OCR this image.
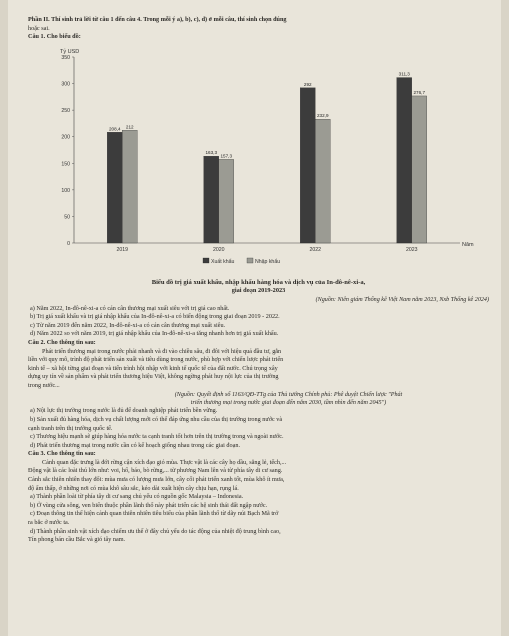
Phần II. Thí sinh trả lời từ câu 1 đến câu 4. Trong mỗi ý a), b), c), d) ở mỗi câu, thí sinh chọn đúng

hoặc sai.

Câu 1. Cho biểu đồ:

Tỷ USD
0
50
100
150
200
250
300
350
Năm
208,4 212
2019
163,3
157,3
2020
292
232,9
2022
311,3
276,7
2023
Xuất khẩu	Nhập khẩu

Biểu đồ trị giá xuất khẩu, nhập khẩu hàng hóa và dịch vụ của In-đô-nê-xi-a,

giai đoạn 2019-2023

(Nguồn: Niên giám Thống kê Việt Nam năm 2023, Nxb Thống kê 2024)

a) Năm 2022, In-đô-nê-xi-a có cán cân thương mại xuất siêu với trị giá cao nhất.

b) Trị giá xuất khẩu và trị giá nhập khẩu của In-đô-nê-xi-a có biến động trong giai đoạn 2019 - 2022.

c) Từ năm 2019 đến năm 2022, In-đô-nê-xi-a có cán cân thương mại xuất siêu.

d) Năm 2022 so với năm 2019, trị giá nhập khẩu của In-đô-nê-xi-a tăng nhanh hơn trị giá xuất khẩu.

Câu 2. Cho thông tin sau:

Phát triển thương mại trong nước phải nhanh và đi vào chiều sâu, đi đôi với hiệu quả đầu tư, gắn

liền với quy mô, trình độ phát triển sản xuất và tiêu dùng trong nước, phù hợp với chiến lược phát triển

kinh tế – xã hội từng giai đoạn và tiến trình hội nhập với kinh tế quốc tế của đất nước. Chú trọng xây

dựng uy tín về sản phẩm và phát triển thương hiệu Việt, không ngừng phát huy nội lực của thị trường

trong nước...

(Nguồn: Quyết định số 1163/QĐ-TTg của Thủ tướng Chính phủ: Phê duyệt Chiến lược "Phát

triển thương mại trong nước giai đoạn đến năm 2030, tầm nhìn đến năm 2045")

a) Nội lực thị trường trong nước là đủ để doanh nghiệp phát triển bền vững.

b) Sản xuất đủ hàng hóa, dịch vụ chất lượng mới có thể đáp ứng nhu cầu của thị trường trong nước và

cạnh tranh trên thị trường quốc tế.

c) Thương hiệu mạnh sẽ giúp hàng hóa nước ta cạnh tranh tốt hơn trên thị trường trong và ngoài nước.

d) Phát triển thương mại trong nước cần có kế hoạch giống nhau trong các giai đoạn.

Câu 3. Cho thông tin sau:

Cảnh quan đặc trưng là đới rừng cận xích đạo gió mùa. Thực vật là các cây họ dầu, săng lẻ, tếch,...

Động vật là các loài thú lớn như: voi, hổ, báo, bò rừng,... từ phương Nam lên và từ phía tây di cư sang.

Cảnh sắc thiên nhiên thay đổi: mùa mưa có lượng mưa lớn, cây cối phát triển xanh tốt, mùa khô ít mưa,

độ ẩm thấp, ở những nơi có mùa khô sâu sắc, kéo dài xuất hiện cây chịu hạn, rụng lá.

a) Thành phần loài từ phía tây di cư sang chủ yếu có nguồn gốc Malaysia – Indonesia.

b) Ở vùng cửa sông, ven biển thuộc phần lãnh thổ này phát triển các hệ sinh thái đất ngập nước.

c) Đoạn thông tin thể hiện cảnh quan thiên nhiên tiêu biểu của phần lãnh thổ từ dãy núi Bạch Mã trở

ra bắc ở nước ta.

d) Thành phần sinh vật xích đạo chiếm ưu thế ở đây chủ yếu do tác động của nhiệt độ trung bình cao,

Tín phong bán cầu Bắc và gió tây nam.
